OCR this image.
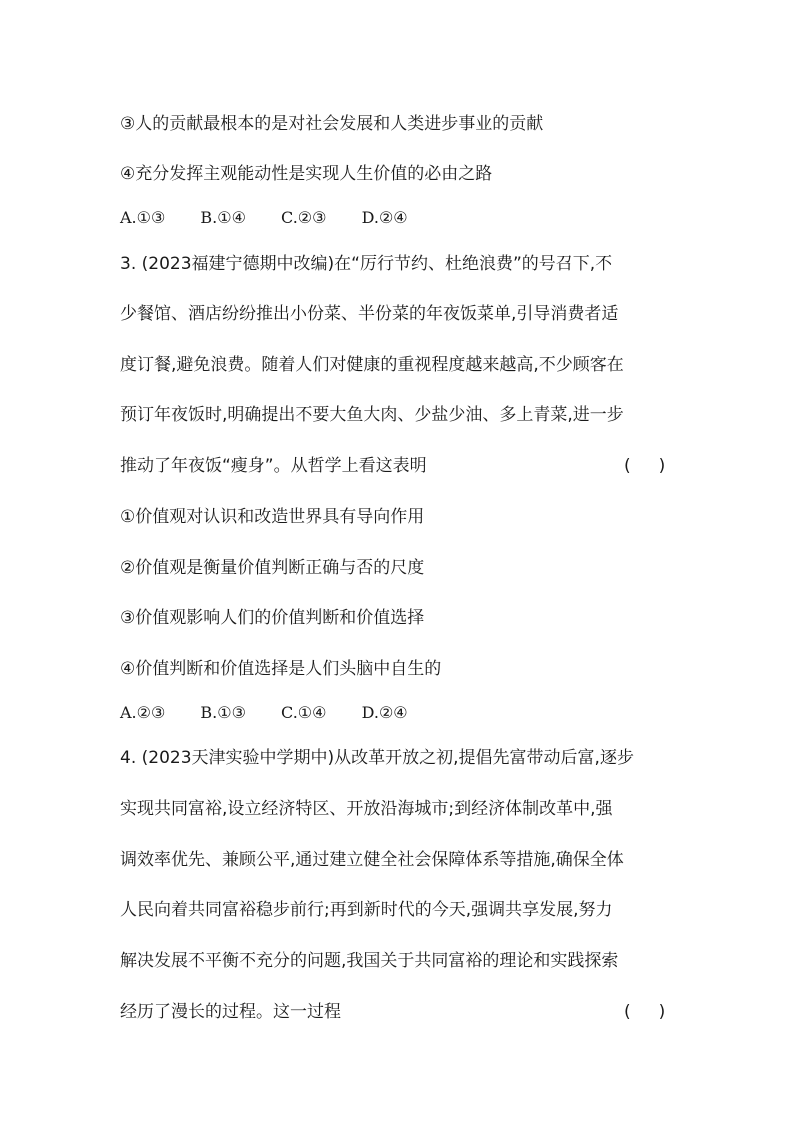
③人的贡献最根本的是对社会发展和人类进步事业的贡献
④充分发挥主观能动性是实现人生价值的必由之路
A.①③ B.①④ C.②③ D.②④
3. (2023福建宁德期中改编)在“厉行节约、杜绝浪费”的号召下,不
少餐馆、酒店纷纷推出小份菜、半份菜的年夜饭菜单,引导消费者适
度订餐,避免浪费。随着人们对健康的重视程度越来越高,不少顾客在
预订年夜饭时,明确提出不要大鱼大肉、少盐少油、多上青菜,进一步
推动了年夜饭“瘦身”。从哲学上看这表明	( )
①价值观对认识和改造世界具有导向作用
②价值观是衡量价值判断正确与否的尺度
③价值观影响人们的价值判断和价值选择
④价值判断和价值选择是人们头脑中自生的
A.②③ B.①③ C.①④ D.②④
4. (2023天津实验中学期中)从改革开放之初,提倡先富带动后富,逐步
实现共同富裕,设立经济特区、开放沿海城市;到经济体制改革中,强
调效率优先、兼顾公平,通过建立健全社会保障体系等措施,确保全体
人民向着共同富裕稳步前行;再到新时代的今天,强调共享发展,努力
解决发展不平衡不充分的问题,我国关于共同富裕的理论和实践探索
经历了漫长的过程。这一过程	( )
